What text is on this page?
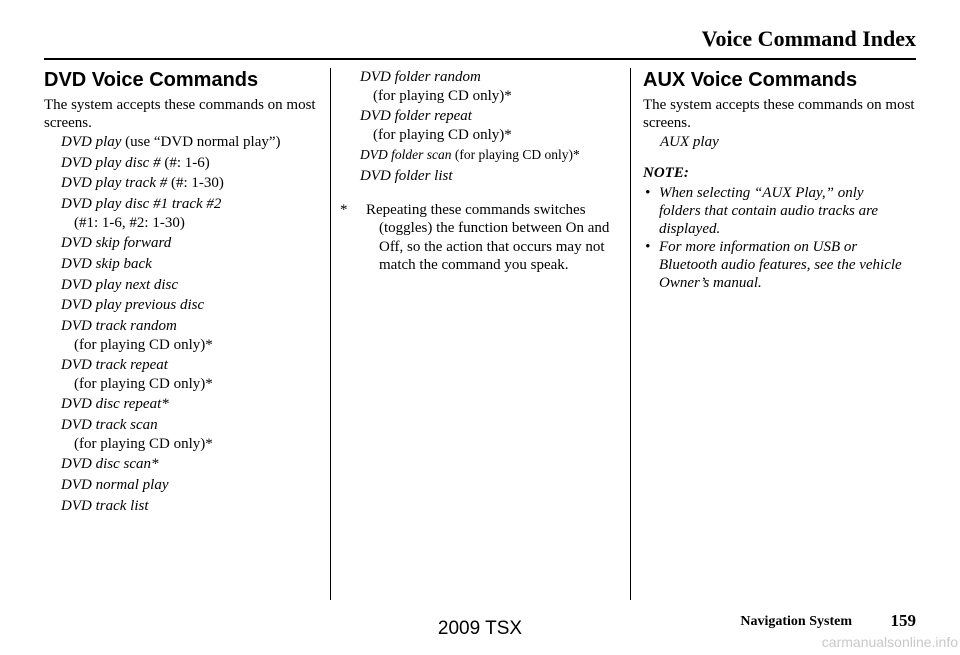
Voice Command Index
DVD Voice Commands

The system accepts these commands on most screens.

DVD play (use “DVD normal play”)
DVD play disc # (#: 1-6)
DVD play track # (#: 1-30)
DVD play disc #1 track #2
(#1: 1-6, #2: 1-30)
DVD skip forward
DVD skip back
DVD play next disc
DVD play previous disc
DVD track random
(for playing CD only)*
DVD track repeat
(for playing CD only)*
DVD disc repeat*
DVD track scan
(for playing CD only)*
DVD disc scan*
DVD normal play
DVD track list
DVD folder random
(for playing CD only)*
DVD folder repeat
(for playing CD only)*
DVD folder scan (for playing CD only)*
DVD folder list
*	Repeating these commands switches
(toggles) the function between On and Off, so the action that occurs may not match the command you speak.
AUX Voice Commands

The system accepts these commands on most screens.

AUX play
NOTE:
• When selecting “AUX Play,” only
folders that contain audio tracks are displayed.
• For more information on USB or
Bluetooth audio features, see the vehicle Owner’s manual.
Navigation System 159
2009 TSX
carmanualsonline.info
